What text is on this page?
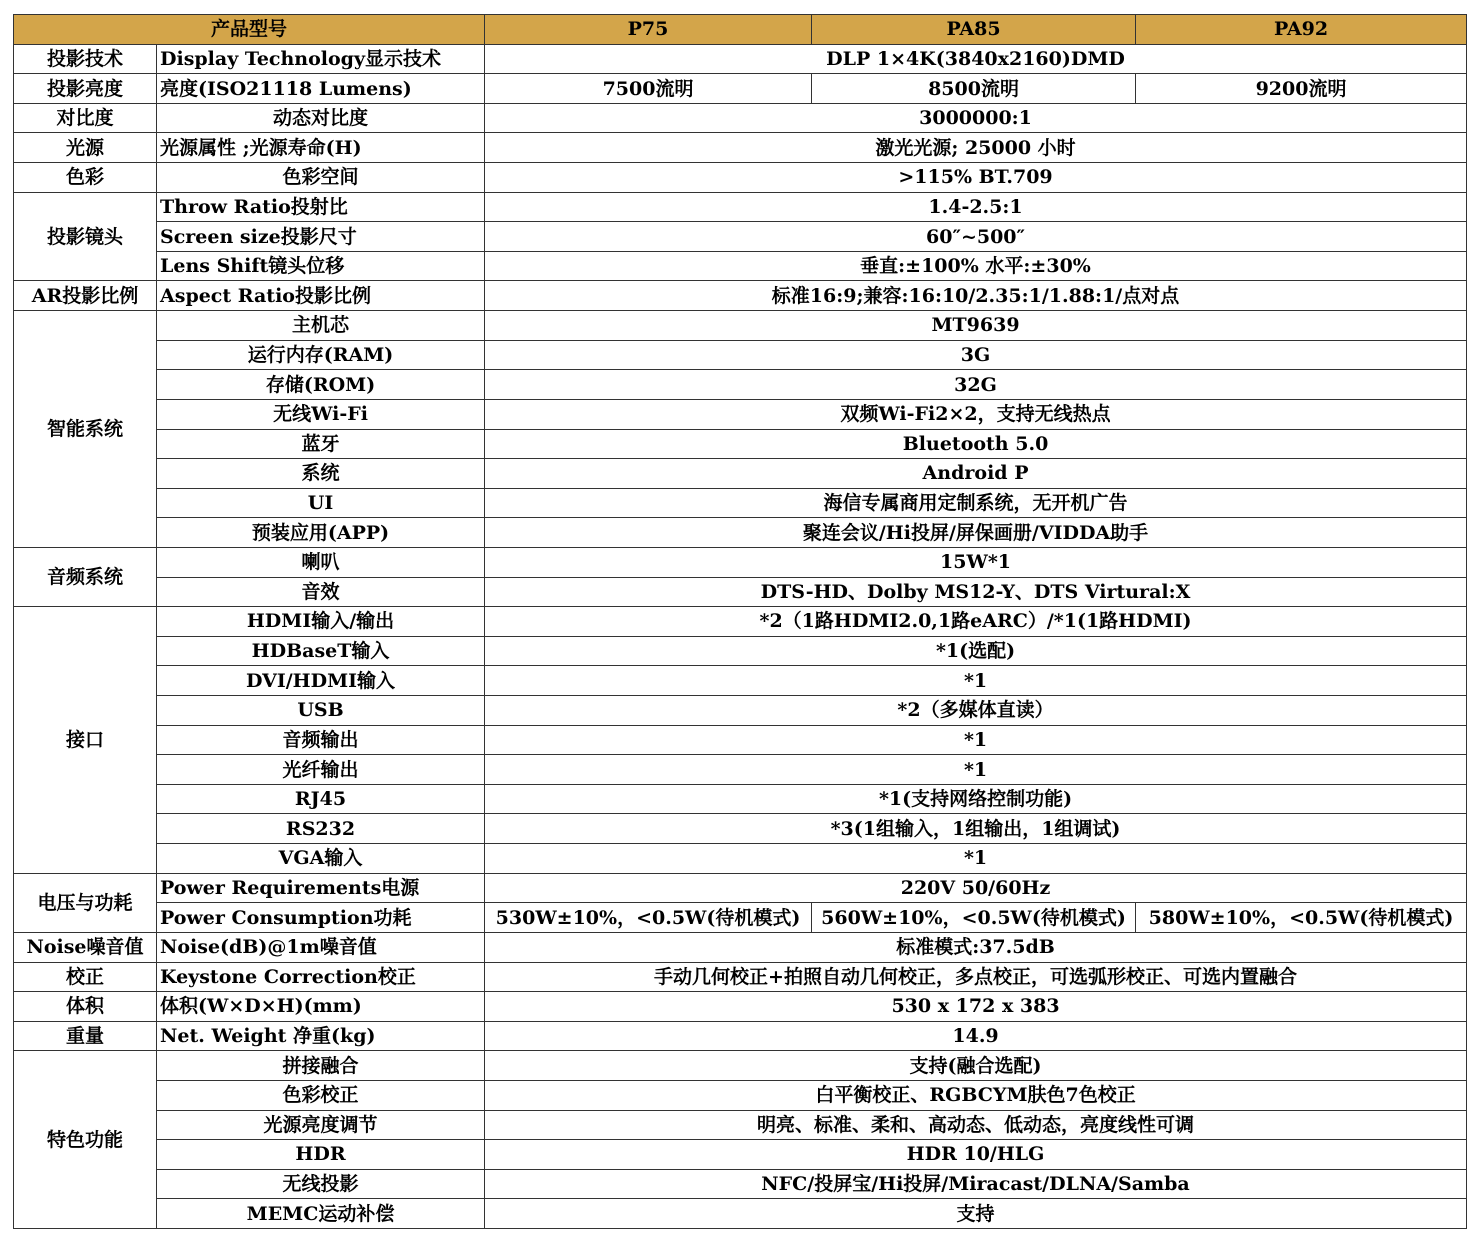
产品型号		P75	PA85	PA92
投影技术	Display Technology显示技术	DLP 1×4K(3840x2160)DMD		
投影亮度	亮度(ISO21118 Lumens)	7500流明	8500流明	9200流明
对比度	动态对比度	3000000:1		
光源	光源属性 ;光源寿命(H)	激光光源; 25000 小时		
色彩	色彩空间	>115% BT.709		
投影镜头	Throw Ratio投射比	1.4-2.5:1		
	Screen size投影尺寸	60″~500″		
	Lens Shift镜头位移	垂直:±100% 水平:±30%		
AR投影比例	Aspect Ratio投影比例	标准16:9;兼容:16:10/2.35:1/1.88:1/点对点		
智能系统	主机芯	MT9639		
	运行内存(RAM)	3G		
	存储(ROM)	32G		
	无线Wi-Fi	双频Wi-Fi2×2，支持无线热点		
	蓝牙	Bluetooth 5.0		
	系统	Android P		
	UI	海信专属商用定制系统，无开机广告		
	预装应用(APP)	聚连会议/Hi投屏/屏保画册/VIDDA助手		
音频系统	喇叭	15W*1		
	音效	DTS-HD、Dolby MS12-Y、DTS Virtural:X		
接口	HDMI输入/输出	*2（1路HDMI2.0,1路eARC）/*1(1路HDMI)		
	HDBaseT输入	*1(选配)		
	DVI/HDMI输入	*1		
	USB	*2（多媒体直读）		
	音频输出	*1		
	光纤输出	*1		
	RJ45	*1(支持网络控制功能)		
	RS232	*3(1组输入，1组输出，1组调试)		
	VGA输入	*1		
电压与功耗	Power Requirements电源	220V 50/60Hz		
	Power Consumption功耗	530W±10%，<0.5W(待机模式)	560W±10%，<0.5W(待机模式)	580W±10%，<0.5W(待机模式)
Noise噪音值	Noise(dB)@1m噪音值	标准模式:37.5dB		
校正	Keystone Correction校正	手动几何校正+拍照自动几何校正，多点校正，可选弧形校正、可选内置融合		
体积	体积(W×D×H)(mm)	530 x 172 x 383		
重量	Net. Weight 净重(kg)	14.9		
特色功能	拼接融合	支持(融合选配)		
	色彩校正	白平衡校正、RGBCYM肤色7色校正		
	光源亮度调节	明亮、标准、柔和、高动态、低动态，亮度线性可调		
	HDR	HDR 10/HLG		
	无线投影	NFC/投屏宝/Hi投屏/Miracast/DLNA/Samba		
	MEMC运动补偿	支持		
